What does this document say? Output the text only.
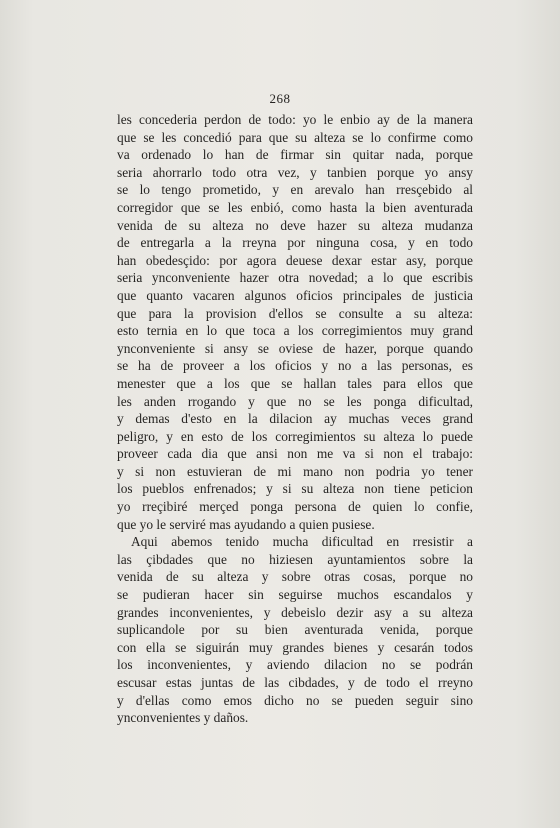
268
les concederia perdon de todo: yo le enbio ay de la manera
que se les concedió para que su alteza se lo confirme como
va ordenado lo han de firmar sin quitar nada, porque
seria ahorrarlo todo otra vez, y tanbien porque yo ansy
se lo tengo prometido, y en arevalo han rresçebido al
corregidor que se les enbió, como hasta la bien aventurada
venida de su alteza no deve hazer su alteza mudanza
de entregarla a la rreyna por ninguna cosa, y en todo
han obedesçido: por agora deuese dexar estar asy, porque
seria ynconveniente hazer otra novedad; a lo que escribis
que quanto vacaren algunos oficios principales de justicia
que para la provision d'ellos se consulte a su alteza:
esto ternia en lo que toca a los corregimientos muy grand
ynconveniente si ansy se oviese de hazer, porque quando
se ha de proveer a los oficios y no a las personas, es
menester que a los que se hallan tales para ellos que
les anden rrogando y que no se les ponga dificultad,
y demas d'esto en la dilacion ay muchas veces grand
peligro, y en esto de los corregimientos su alteza lo puede
proveer cada dia que ansi non me va si non el trabajo:
y si non estuvieran de mi mano non podria yo tener
los pueblos enfrenados; y si su alteza non tiene peticion
yo rreçibiré merçed ponga persona de quien lo confie,
que yo le serviré mas ayudando a quien pusiese.
Aqui abemos tenido mucha dificultad en rresistir a
las çibdades que no hiziesen ayuntamientos sobre la
venida de su alteza y sobre otras cosas, porque no
se pudieran hacer sin seguirse muchos escandalos y
grandes inconvenientes, y debeislo dezir asy a su alteza
suplicandole por su bien aventurada venida, porque
con ella se siguirán muy grandes bienes y cesarán todos
los inconvenientes, y aviendo dilacion no se podrán
escusar estas juntas de las cibdades, y de todo el rreyno
y d'ellas como emos dicho no se pueden seguir sino
ynconvenientes y daños.
